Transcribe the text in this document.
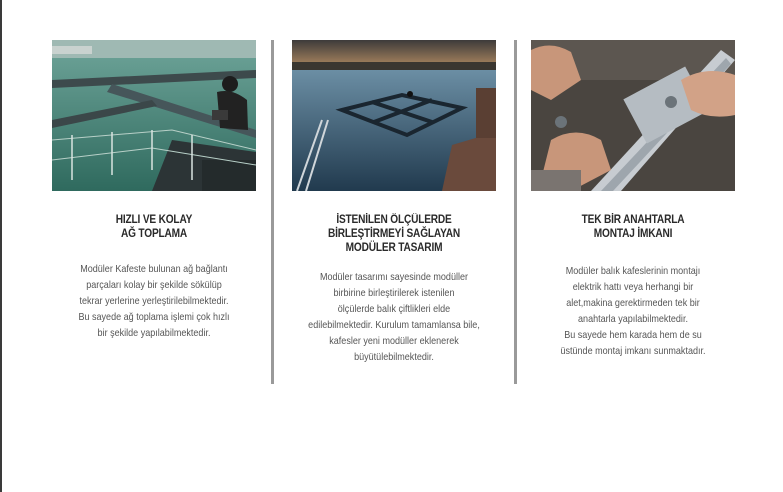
HIZLI VE KOLAY
AĞ TOPLAMA
Modüler Kafeste bulunan ağ bağlantı
parçaları kolay bir şekilde sökülüp
tekrar yerlerine yerleştirilebilmektedir.
Bu sayede ağ toplama işlemi çok hızlı
bir şekilde yapılabilmektedir.
İSTENİLEN ÖLÇÜLERDE
BİRLEŞTİRMEYİ SAĞLAYAN
MODÜLER TASARIM
Modüler tasarımı sayesinde modüller
birbirine birleştirilerek istenilen
ölçülerde balık çiftlikleri elde
edilebilmektedir. Kurulum tamamlansa bile,
kafesler yeni modüller eklenerek
büyütülebilmektedir.
TEK BİR ANAHTARLA
MONTAJ İMKANI
Modüler balık kafeslerinin montajı
elektrik hattı veya herhangi bir
alet,makina gerektirmeden tek bir
anahtarla yapılabilmektedir.
Bu sayede hem karada hem de su
üstünde montaj imkanı sunmaktadır.
